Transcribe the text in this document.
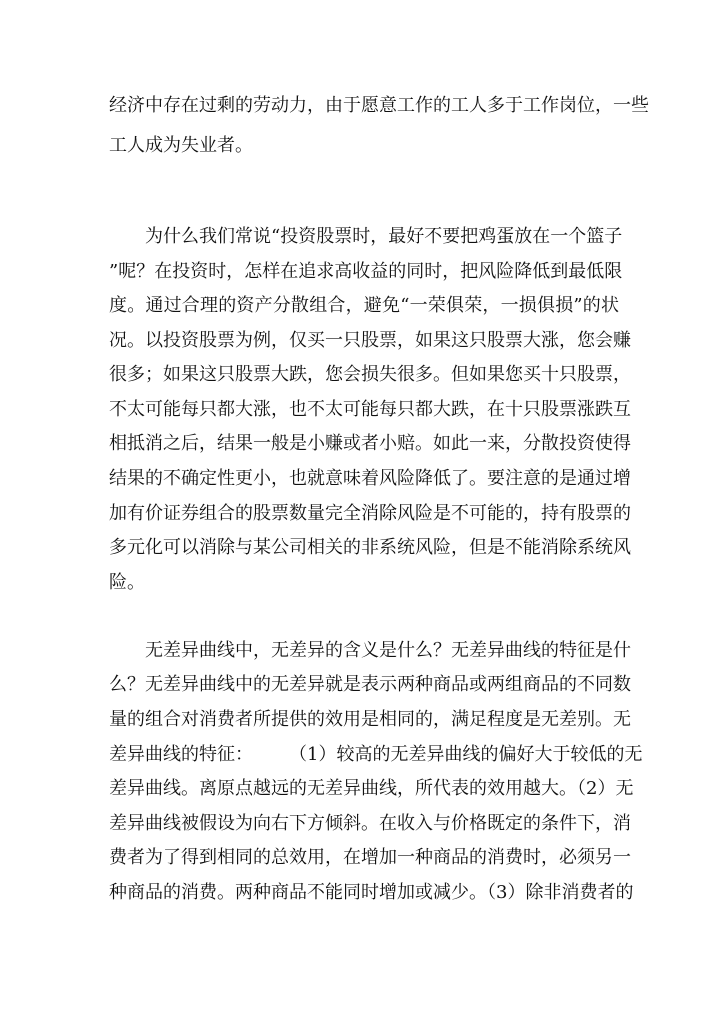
经济中存在过剩的劳动力，由于愿意工作的工人多于工作岗位，一些
工人成为失业者。
　　为什么我们常说“投资股票时，最好不要把鸡蛋放在一个篮子
”呢？在投资时，怎样在追求高收益的同时，把风险降低到最低限
度。通过合理的资产分散组合，避免“一荣俱荣，一损俱损”的状
况。以投资股票为例，仅买一只股票，如果这只股票大涨，您会赚
很多；如果这只股票大跌，您会损失很多。但如果您买十只股票，
不太可能每只都大涨，也不太可能每只都大跌，在十只股票涨跌互
相抵消之后，结果一般是小赚或者小赔。如此一来，分散投资使得
结果的不确定性更小，也就意味着风险降低了。要注意的是通过增
加有价证券组合的股票数量完全消除风险是不可能的，持有股票的
多元化可以消除与某公司相关的非系统风险，但是不能消除系统风
险。
　　无差异曲线中，无差异的含义是什么？无差异曲线的特征是什
么？无差异曲线中的无差异就是表示两种商品或两组商品的不同数
量的组合对消费者所提供的效用是相同的，满足程度是无差别。无
差异曲线的特征：　　　（1）较高的无差异曲线的偏好大于较低的无
差异曲线。离原点越远的无差异曲线，所代表的效用越大。（2）无
差异曲线被假设为向右下方倾斜。在收入与价格既定的条件下，消
费者为了得到相同的总效用，在增加一种商品的消费时，必须另一
种商品的消费。两种商品不能同时增加或减少。（3）除非消费者的
